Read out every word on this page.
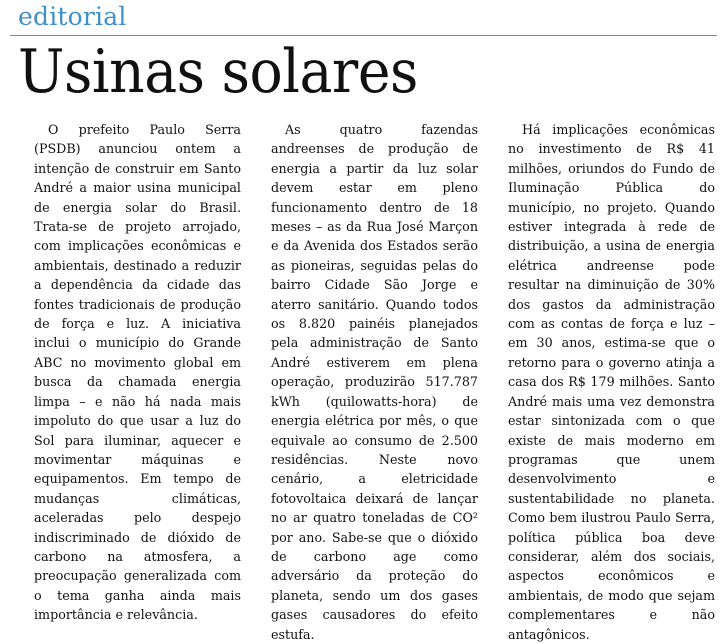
editorial
Usinas solares

O prefeito Paulo Serra (PSDB) anunciou ontem a intenção de construir em Santo André a maior usina municipal de energia solar do Brasil. Trata-se de projeto arrojado, com implicações econômicas e ambientais, destinado a reduzir a dependência da cidade das fontes tradicionais de produção de força e luz. A iniciativa inclui o município do Grande ABC no movimento global em busca da chamada energia limpa – e não há nada mais impoluto do que usar a luz do Sol para iluminar, aquecer e movimentar máquinas e equipamentos. Em tempo de mudanças climáticas, aceleradas pelo despejo indiscriminado de dióxido de carbono na atmosfera, a preocupação generalizada com o tema ganha ainda mais importância e relevância.

As quatro fazendas andreenses de produção de energia a partir da luz solar devem estar em pleno funcionamento dentro de 18 meses – as da Rua José Marçon e da Avenida dos Estados serão as pioneiras, seguidas pelas do bairro Cidade São Jorge e aterro sanitário. Quando todos os 8.820 painéis planejados pela administração de Santo André estiverem em plena operação, produzirão 517.787 kWh (quilowatts-hora) de energia elétrica por mês, o que equivale ao consumo de 2.500 residências. Neste novo cenário, a eletricidade fotovoltaica deixará de lançar no ar quatro toneladas de CO² por ano. Sabe-se que o dióxido de carbono age como adversário da proteção do planeta, sendo um dos gases gases causadores do efeito estufa.

Há implicações econômicas no investimento de R$ 41 milhões, oriundos do Fundo de Iluminação Pública do município, no projeto. Quando estiver integrada à rede de distribuição, a usina de energia elétrica andreense pode resultar na diminuição de 30% dos gastos da administração com as contas de força e luz – em 30 anos, estima-se que o retorno para o governo atinja a casa dos R$ 179 milhões. Santo André mais uma vez demonstra estar sintonizada com o que existe de mais moderno em programas que unem desenvolvimento e sustentabilidade no planeta. Como bem ilustrou Paulo Serra, política pública boa deve considerar, além dos sociais, aspectos econômicos e ambientais, de modo que sejam complementares e não antagônicos.
